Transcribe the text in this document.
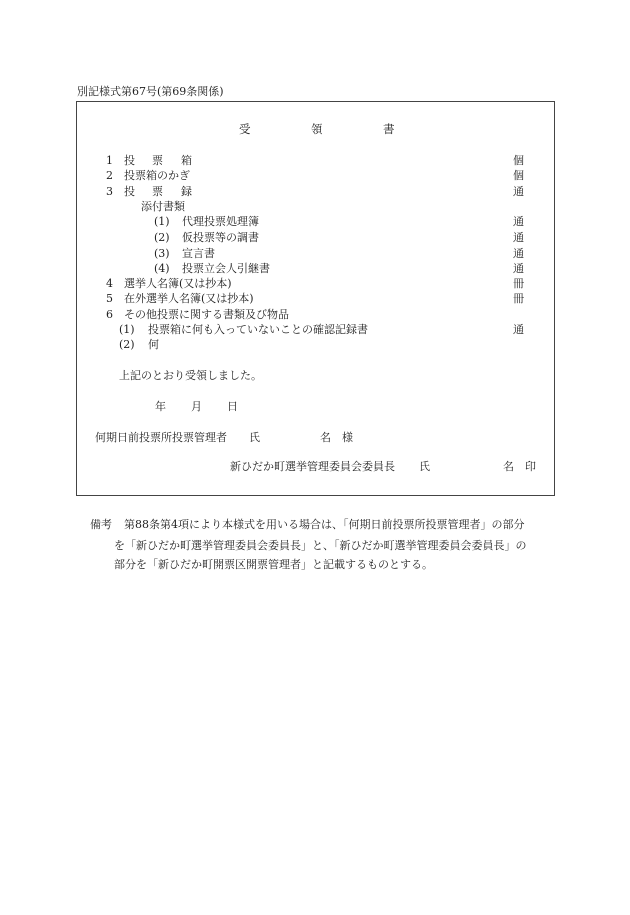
別記様式第67号(第69条関係)
受	領	書
1 投 票 箱	個
2 投票箱のかぎ	個
3 投 票 録	通
添付書類
(1) 代理投票処理簿	通
(2) 仮投票等の調書	通
(3) 宣言書	通
(4) 投票立会人引継書	通
4 選挙人名簿(又は抄本)	冊
5 在外選挙人名簿(又は抄本)	冊
6 その他投票に関する書類及び物品
(1) 投票箱に何も入っていないことの確認記録書	通
(2) 何
上記のとおり受領しました。
年 月 日
何期日前投票所投票管理者 氏	名 様
新ひだか町選挙管理委員会委員長 氏	名 印
備考 第88条第4項により本様式を用いる場合は、「何期日前投票所投票管理者」の部分
を「新ひだか町選挙管理委員会委員長」と、「新ひだか町選挙管理委員会委員長」の
部分を「新ひだか町開票区開票管理者」と記載するものとする。
